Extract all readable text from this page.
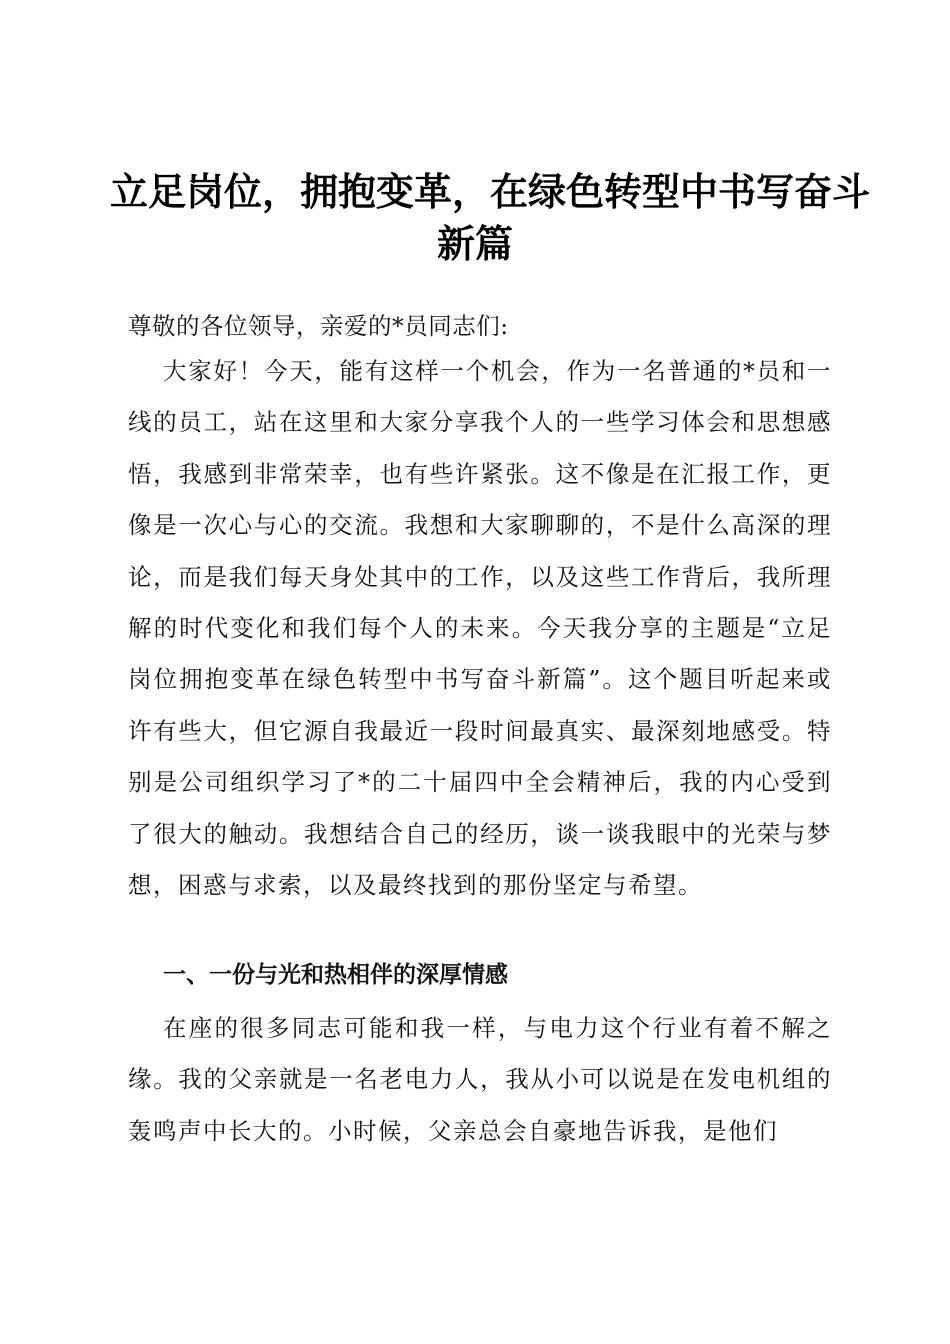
立足岗位，拥抱变革，在绿色转型中书写奋斗
新篇

尊敬的各位领导，亲爱的*员同志们:

大家好！今天，能有这样一个机会，作为一名普通的*员和一线的员工，站在这里和大家分享我个人的一些学习体会和思想感悟，我感到非常荣幸，也有些许紧张。这不像是在汇报工作，更像是一次心与心的交流。我想和大家聊聊的，不是什么高深的理论，而是我们每天身处其中的工作，以及这些工作背后，我所理解的时代变化和我们每个人的未来。今天我分享的主题是“立足岗位拥抱变革在绿色转型中书写奋斗新篇”。这个题目听起来或许有些大，但它源自我最近一段时间最真实、最深刻地感受。特别是公司组织学习了*的二十届四中全会精神后，我的内心受到了很大的触动。我想结合自己的经历，谈一谈我眼中的光荣与梦想，困惑与求索，以及最终找到的那份坚定与希望。

一、一份与光和热相伴的深厚情感

在座的很多同志可能和我一样，与电力这个行业有着不解之缘。我的父亲就是一名老电力人，我从小可以说是在发电机组的轰鸣声中长大的。小时候，父亲总会自豪地告诉我，是他们
